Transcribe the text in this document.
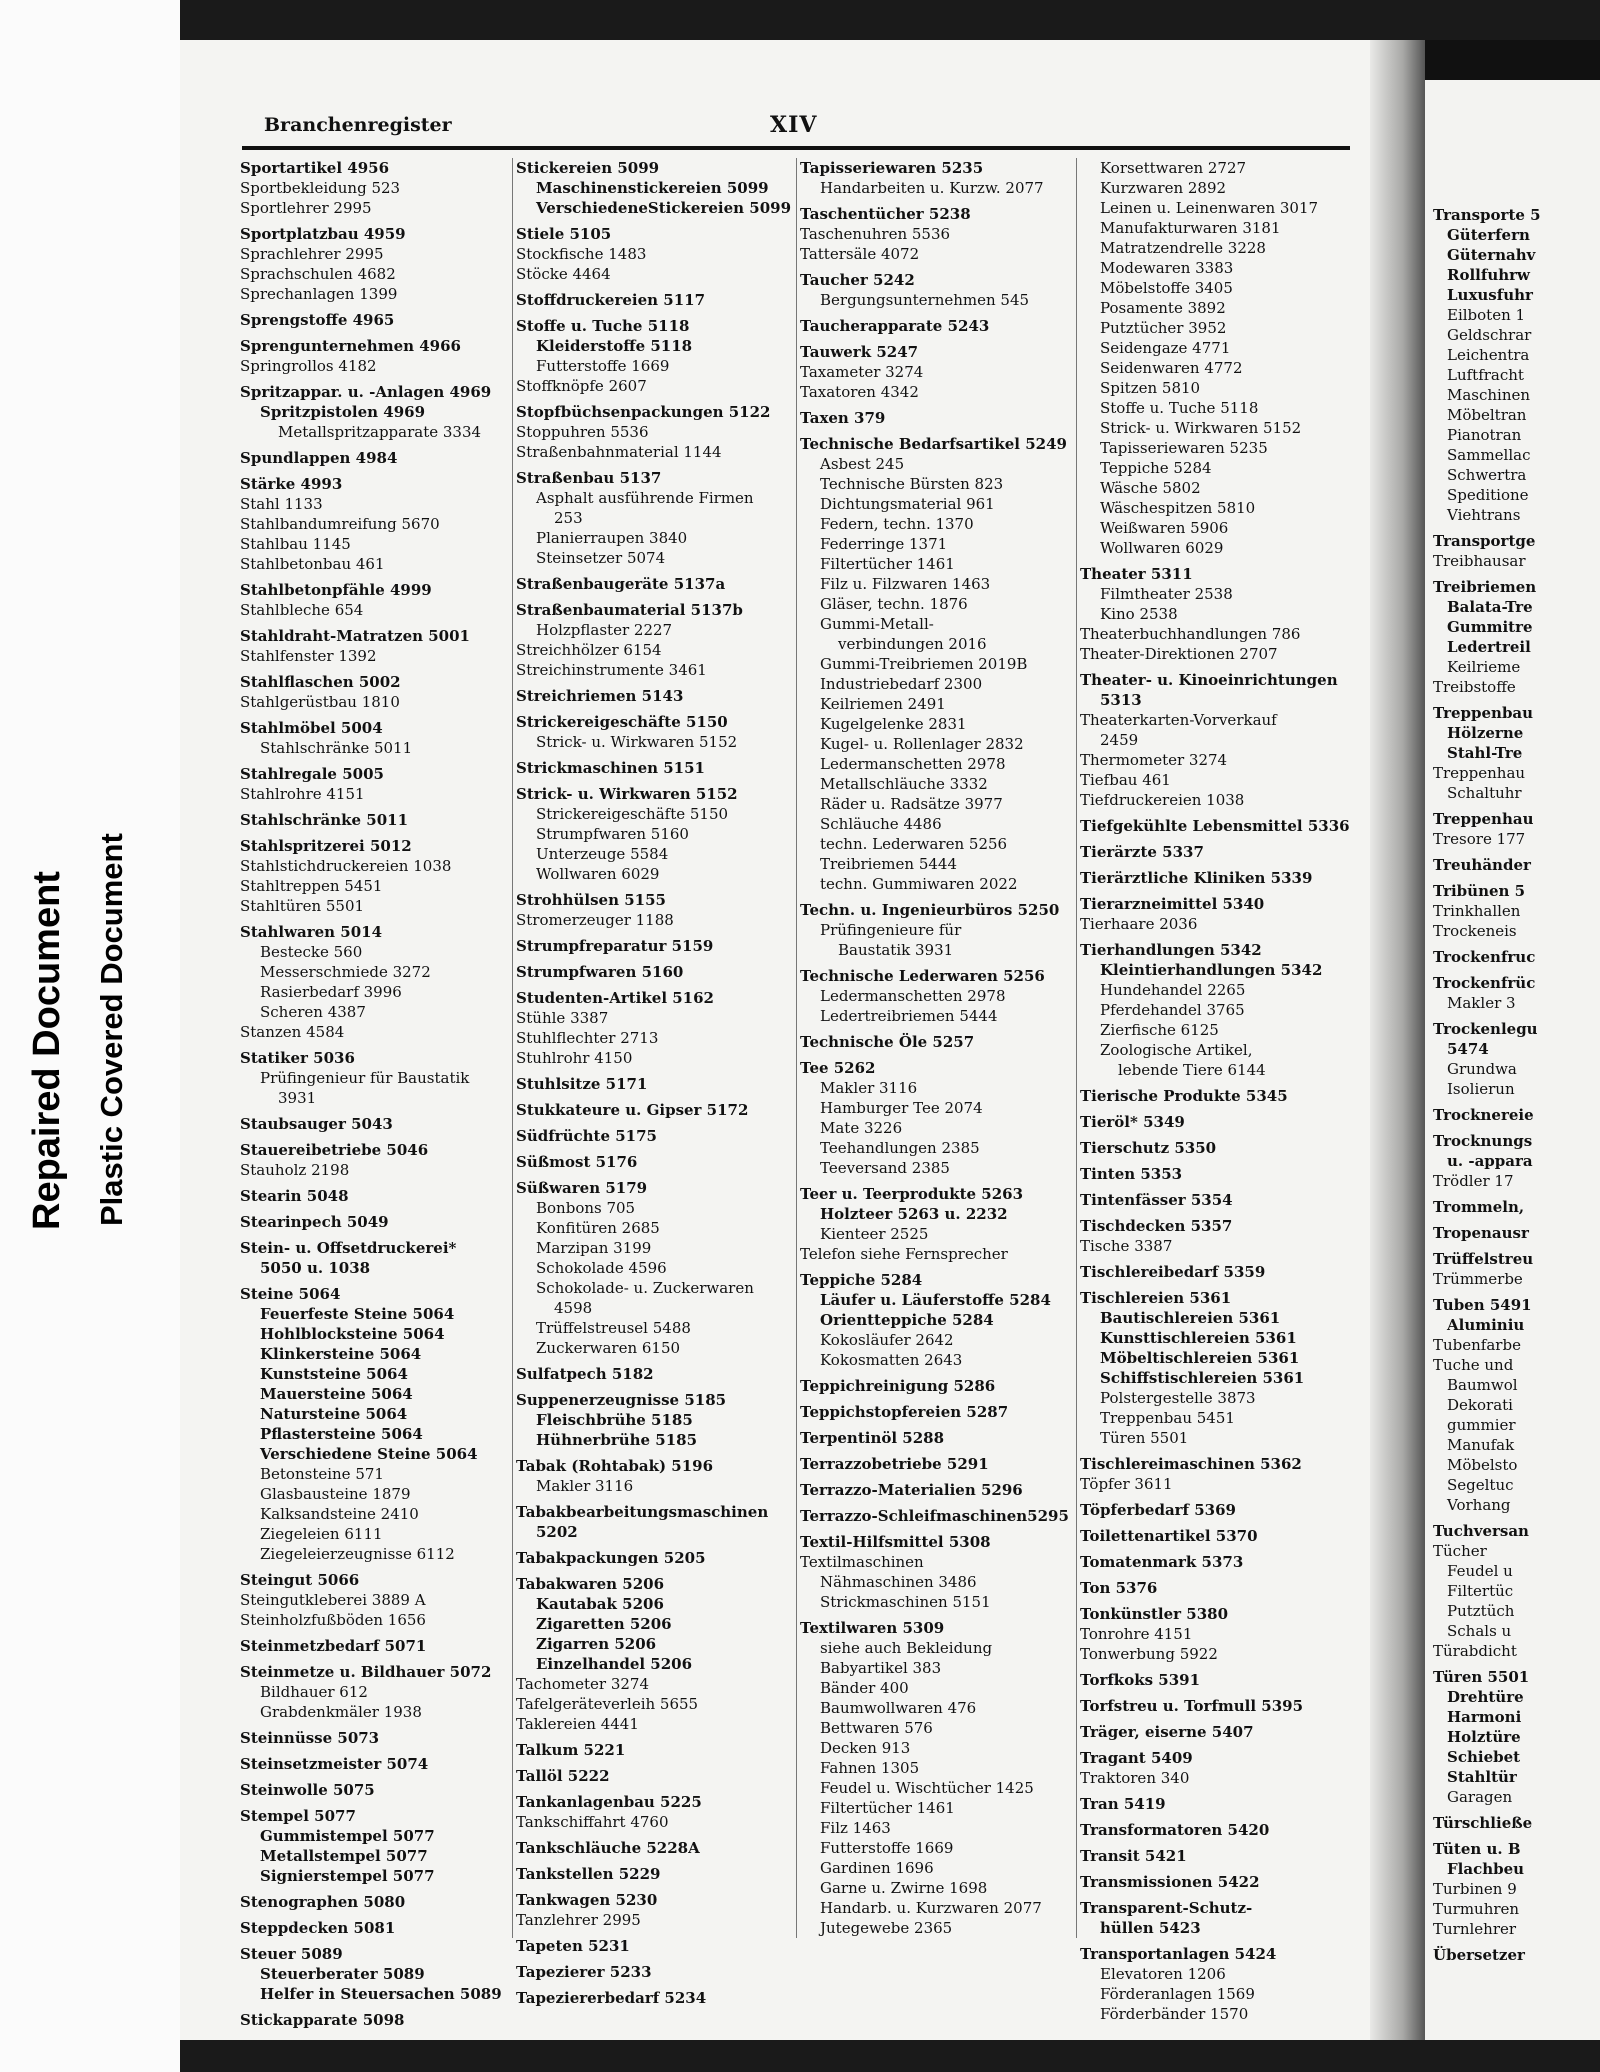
Repaired Document Plastic Covered Document
Transporte 5
Güterfern
Güternahv
Rollfuhrw
Luxusfuhr
Eilboten 1
Geldschrar
Leichentra
Luftfracht
Maschinen
Möbeltran
Pianotran
Sammellac
Schwertra
Speditione
Viehtrans
Transportge
Treibhausar
Treibriemen
Balata-Tre
Gummitre
Ledertreil
Keilrieme
Treibstoffe
Treppenbau
Hölzerne
Stahl-Tre
Treppenhau
Schaltuhr
Treppenhau
Tresore 177
Treuhänder
Tribünen 5
Trinkhallen
Trockeneis
Trockenfruc
Trockenfrüc
Makler 3
Trockenlegu
5474
Grundwa
Isolierun
Trocknereie
Trocknungs
u. -appara
Trödler 17
Trommeln,
Tropenausr
Trüffelstreu
Trümmerbe
Tuben 5491
Aluminiu
Tubenfarbe
Tuche und
Baumwol
Dekorati
gummier
Manufak
Möbelsto
Segeltuc
Vorhang
Tuchversan
Tücher
Feudel u
Filtertüc
Putztüch
Schals u
Türabdicht
Türen 5501
Drehtüre
Harmoni
Holztüre
Schiebet
Stahltür
Garagen
Türschließe
Tüten u. B
Flachbeu
Turbinen 9
Turmuhren
Turnlehrer
Übersetzer
Branchenregister	XIV
Sportartikel 4956
Sportbekleidung 523
Sportlehrer 2995
Sportplatzbau 4959
Sprachlehrer 2995
Sprachschulen 4682
Sprechanlagen 1399
Sprengstoffe 4965
Sprengunternehmen 4966
Springrollos 4182
Spritzappar. u. -Anlagen 4969
Spritzpistolen 4969
Metallspritzapparate 3334
Spundlappen 4984
Stärke 4993
Stahl 1133
Stahlbandumreifung 5670
Stahlbau 1145
Stahlbetonbau 461
Stahlbetonpfähle 4999
Stahlbleche 654
Stahldraht-Matratzen 5001
Stahlfenster 1392
Stahlflaschen 5002
Stahlgerüstbau 1810
Stahlmöbel 5004
Stahlschränke 5011
Stahlregale 5005
Stahlrohre 4151
Stahlschränke 5011
Stahlspritzerei 5012
Stahlstichdruckereien 1038
Stahltreppen 5451
Stahltüren 5501
Stahlwaren 5014
Bestecke 560
Messerschmiede 3272
Rasierbedarf 3996
Scheren 4387
Stanzen 4584
Statiker 5036
Prüfingenieur für Baustatik
3931
Staubsauger 5043
Stauereibetriebe 5046
Stauholz 2198
Stearin 5048
Stearinpech 5049
Stein- u. Offsetdruckerei*
5050 u. 1038
Steine 5064
Feuerfeste Steine 5064
Hohlblocksteine 5064
Klinkersteine 5064
Kunststeine 5064
Mauersteine 5064
Natursteine 5064
Pflastersteine 5064
Verschiedene Steine 5064
Betonsteine 571
Glasbausteine 1879
Kalksandsteine 2410
Ziegeleien 6111
Ziegeleierzeugnisse 6112
Steingut 5066
Steingutkleberei 3889 A
Steinholzfußböden 1656
Steinmetzbedarf 5071
Steinmetze u. Bildhauer 5072
Bildhauer 612
Grabdenkmäler 1938
Steinnüsse 5073
Steinsetzmeister 5074
Steinwolle 5075
Stempel 5077
Gummistempel 5077
Metallstempel 5077
Signierstempel 5077
Stenographen 5080
Steppdecken 5081
Steuer 5089
Steuerberater 5089
Helfer in Steuersachen 5089
Stickapparate 5098
Stickereien 5099
Maschinenstickereien 5099
VerschiedeneStickereien 5099
Stiele 5105
Stockfische 1483
Stöcke 4464
Stoffdruckereien 5117
Stoffe u. Tuche 5118
Kleiderstoffe 5118
Futterstoffe 1669
Stoffknöpfe 2607
Stopfbüchsenpackungen 5122
Stoppuhren 5536
Straßenbahnmaterial 1144
Straßenbau 5137
Asphalt ausführende Firmen
253
Planierraupen 3840
Steinsetzer 5074
Straßenbaugeräte 5137a
Straßenbaumaterial 5137b
Holzpflaster 2227
Streichhölzer 6154
Streichinstrumente 3461
Streichriemen 5143
Strickereigeschäfte 5150
Strick- u. Wirkwaren 5152
Strickmaschinen 5151
Strick- u. Wirkwaren 5152
Strickereigeschäfte 5150
Strumpfwaren 5160
Unterzeuge 5584
Wollwaren 6029
Strohhülsen 5155
Stromerzeuger 1188
Strumpfreparatur 5159
Strumpfwaren 5160
Studenten-Artikel 5162
Stühle 3387
Stuhlflechter 2713
Stuhlrohr 4150
Stuhlsitze 5171
Stukkateure u. Gipser 5172
Südfrüchte 5175
Süßmost 5176
Süßwaren 5179
Bonbons 705
Konfitüren 2685
Marzipan 3199
Schokolade 4596
Schokolade- u. Zuckerwaren
4598
Trüffelstreusel 5488
Zuckerwaren 6150
Sulfatpech 5182
Suppenerzeugnisse 5185
Fleischbrühe 5185
Hühnerbrühe 5185
Tabak (Rohtabak) 5196
Makler 3116
Tabakbearbeitungsmaschinen
5202
Tabakpackungen 5205
Tabakwaren 5206
Kautabak 5206
Zigaretten 5206
Zigarren 5206
Einzelhandel 5206
Tachometer 3274
Tafelgeräteverleih 5655
Taklereien 4441
Talkum 5221
Tallöl 5222
Tankanlagenbau 5225
Tankschiffahrt 4760
Tankschläuche 5228A
Tankstellen 5229
Tankwagen 5230
Tanzlehrer 2995
Tapeten 5231
Tapezierer 5233
Tapeziererbedarf 5234
Tapisseriewaren 5235
Handarbeiten u. Kurzw. 2077
Taschentücher 5238
Taschenuhren 5536
Tattersäle 4072
Taucher 5242
Bergungsunternehmen 545
Taucherapparate 5243
Tauwerk 5247
Taxameter 3274
Taxatoren 4342
Taxen 379
Technische Bedarfsartikel 5249
Asbest 245
Technische Bürsten 823
Dichtungsmaterial 961
Federn, techn. 1370
Federringe 1371
Filtertücher 1461
Filz u. Filzwaren 1463
Gläser, techn. 1876
Gummi-Metall-
verbindungen 2016
Gummi-Treibriemen 2019B
Industriebedarf 2300
Keilriemen 2491
Kugelgelenke 2831
Kugel- u. Rollenlager 2832
Ledermanschetten 2978
Metallschläuche 3332
Räder u. Radsätze 3977
Schläuche 4486
techn. Lederwaren 5256
Treibriemen 5444
techn. Gummiwaren 2022
Techn. u. Ingenieurbüros 5250
Prüfingenieure für
Baustatik 3931
Technische Lederwaren 5256
Ledermanschetten 2978
Ledertreibriemen 5444
Technische Öle 5257
Tee 5262
Makler 3116
Hamburger Tee 2074
Mate 3226
Teehandlungen 2385
Teeversand 2385
Teer u. Teerprodukte 5263
Holzteer 5263 u. 2232
Kienteer 2525
Telefon siehe Fernsprecher
Teppiche 5284
Läufer u. Läuferstoffe 5284
Orientteppiche 5284
Kokosläufer 2642
Kokosmatten 2643
Teppichreinigung 5286
Teppichstopfereien 5287
Terpentinöl 5288
Terrazzobetriebe 5291
Terrazzo-Materialien 5296
Terrazzo-Schleifmaschinen5295
Textil-Hilfsmittel 5308
Textilmaschinen
Nähmaschinen 3486
Strickmaschinen 5151
Textilwaren 5309
siehe auch Bekleidung
Babyartikel 383
Bänder 400
Baumwollwaren 476
Bettwaren 576
Decken 913
Fahnen 1305
Feudel u. Wischtücher 1425
Filtertücher 1461
Filz 1463
Futterstoffe 1669
Gardinen 1696
Garne u. Zwirne 1698
Handarb. u. Kurzwaren 2077
Jutegewebe 2365
Korsettwaren 2727
Kurzwaren 2892
Leinen u. Leinenwaren 3017
Manufakturwaren 3181
Matratzendrelle 3228
Modewaren 3383
Möbelstoffe 3405
Posamente 3892
Putztücher 3952
Seidengaze 4771
Seidenwaren 4772
Spitzen 5810
Stoffe u. Tuche 5118
Strick- u. Wirkwaren 5152
Tapisseriewaren 5235
Teppiche 5284
Wäsche 5802
Wäschespitzen 5810
Weißwaren 5906
Wollwaren 6029
Theater 5311
Filmtheater 2538
Kino 2538
Theaterbuchhandlungen 786
Theater-Direktionen 2707
Theater- u. Kinoeinrichtungen
5313
Theaterkarten-Vorverkauf
2459
Thermometer 3274
Tiefbau 461
Tiefdruckereien 1038
Tiefgekühlte Lebensmittel 5336
Tierärzte 5337
Tierärztliche Kliniken 5339
Tierarzneimittel 5340
Tierhaare 2036
Tierhandlungen 5342
Kleintierhandlungen 5342
Hundehandel 2265
Pferdehandel 3765
Zierfische 6125
Zoologische Artikel,
lebende Tiere 6144
Tierische Produkte 5345
Tieröl* 5349
Tierschutz 5350
Tinten 5353
Tintenfässer 5354
Tischdecken 5357
Tische 3387
Tischlereibedarf 5359
Tischlereien 5361
Bautischlereien 5361
Kunsttischlereien 5361
Möbeltischlereien 5361
Schiffstischlereien 5361
Polstergestelle 3873
Treppenbau 5451
Türen 5501
Tischlereimaschinen 5362
Töpfer 3611
Töpferbedarf 5369
Toilettenartikel 5370
Tomatenmark 5373
Ton 5376
Tonkünstler 5380
Tonrohre 4151
Tonwerbung 5922
Torfkoks 5391
Torfstreu u. Torfmull 5395
Träger, eiserne 5407
Tragant 5409
Traktoren 340
Tran 5419
Transformatoren 5420
Transit 5421
Transmissionen 5422
Transparent-Schutz-
hüllen 5423
Transportanlagen 5424
Elevatoren 1206
Förderanlagen 1569
Förderbänder 1570
